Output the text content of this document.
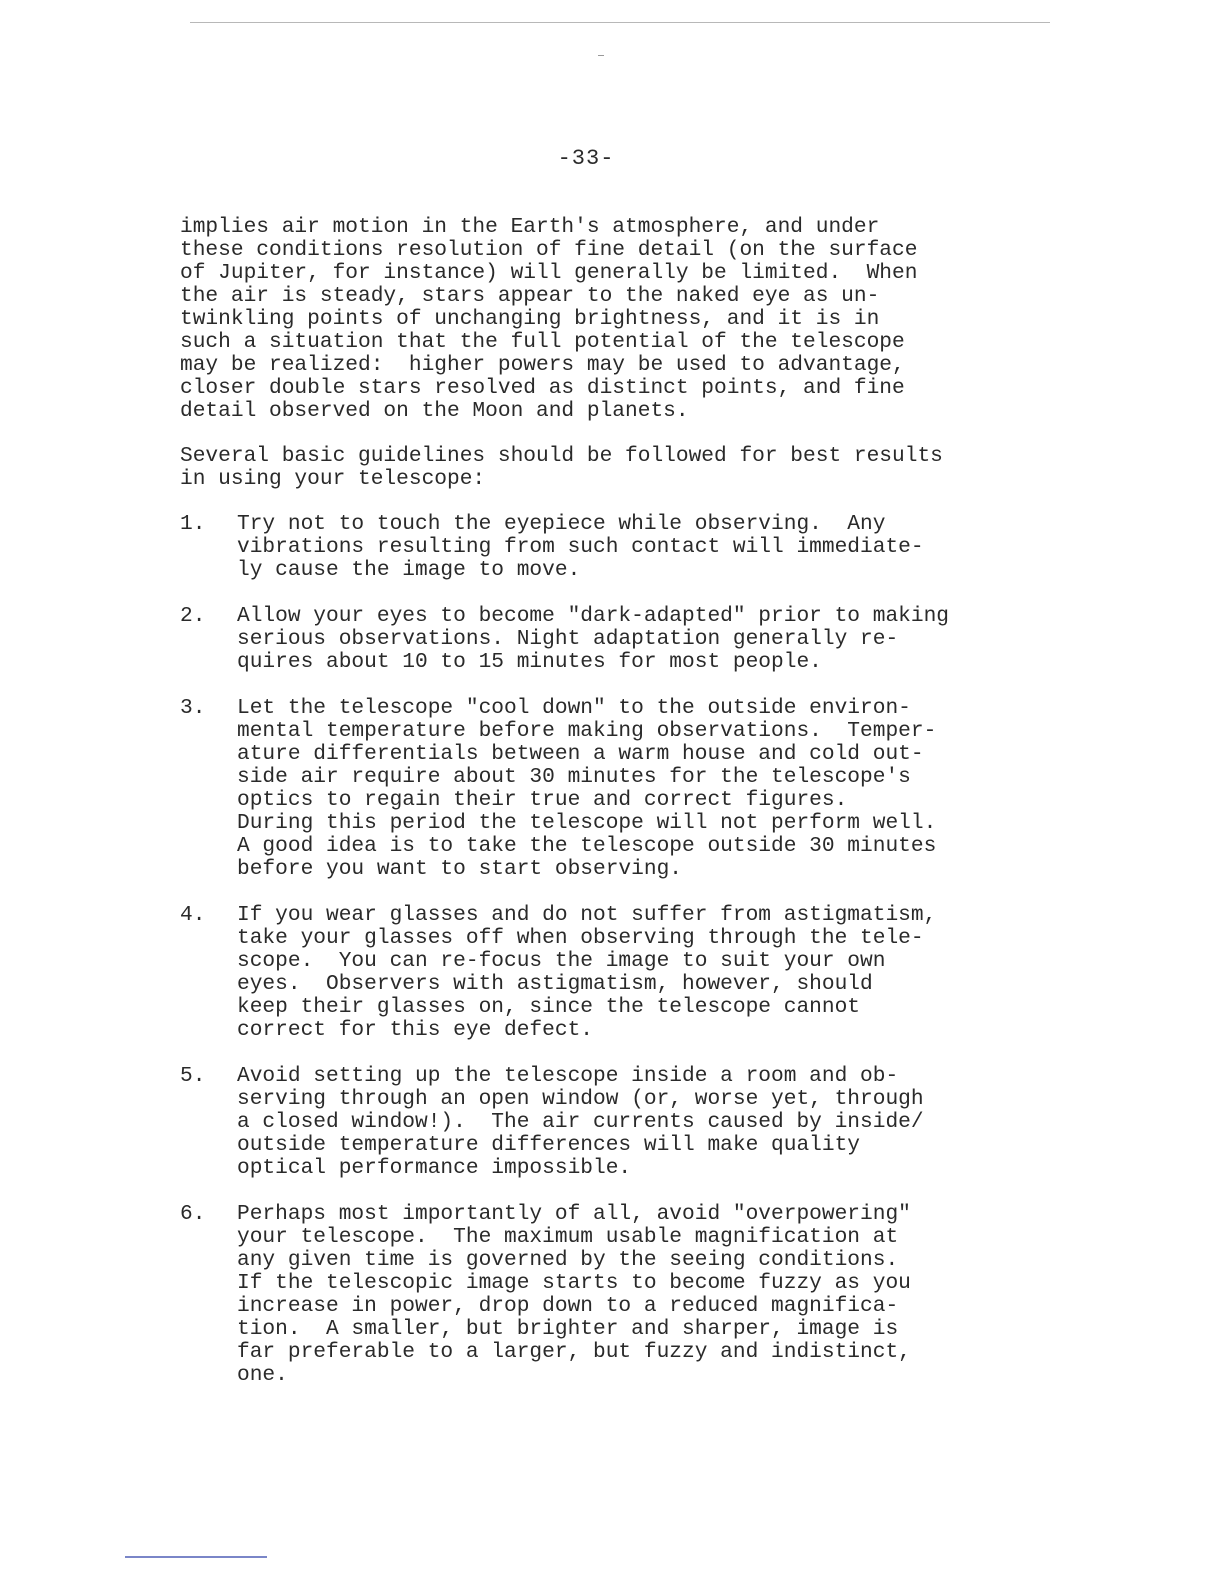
-33-
implies air motion in the Earth's atmosphere, and under
these conditions resolution of fine detail (on the surface
of Jupiter, for instance) will generally be limited.  When
the air is steady, stars appear to the naked eye as un-
twinkling points of unchanging brightness, and it is in
such a situation that the full potential of the telescope
may be realized:  higher powers may be used to advantage,
closer double stars resolved as distinct points, and fine
detail observed on the Moon and planets.
Several basic guidelines should be followed for best results
in using your telescope:
1.	Try not to touch the eyepiece while observing.  Any
vibrations resulting from such contact will immediate-
ly cause the image to move.
2.	Allow your eyes to become "dark-adapted" prior to making
serious observations. Night adaptation generally re-
quires about 10 to 15 minutes for most people.
3.	Let the telescope "cool down" to the outside environ-
mental temperature before making observations.  Temper-
ature differentials between a warm house and cold out-
side air require about 30 minutes for the telescope's
optics to regain their true and correct figures.
During this period the telescope will not perform well.
A good idea is to take the telescope outside 30 minutes
before you want to start observing.
4.	If you wear glasses and do not suffer from astigmatism,
take your glasses off when observing through the tele-
scope.  You can re-focus the image to suit your own
eyes.  Observers with astigmatism, however, should
keep their glasses on, since the telescope cannot
correct for this eye defect.
5.	Avoid setting up the telescope inside a room and ob-
serving through an open window (or, worse yet, through
a closed window!).  The air currents caused by inside/
outside temperature differences will make quality
optical performance impossible.
6.	Perhaps most importantly of all, avoid "overpowering"
your telescope.  The maximum usable magnification at
any given time is governed by the seeing conditions.
If the telescopic image starts to become fuzzy as you
increase in power, drop down to a reduced magnifica-
tion.  A smaller, but brighter and sharper, image is
far preferable to a larger, but fuzzy and indistinct,
one.
